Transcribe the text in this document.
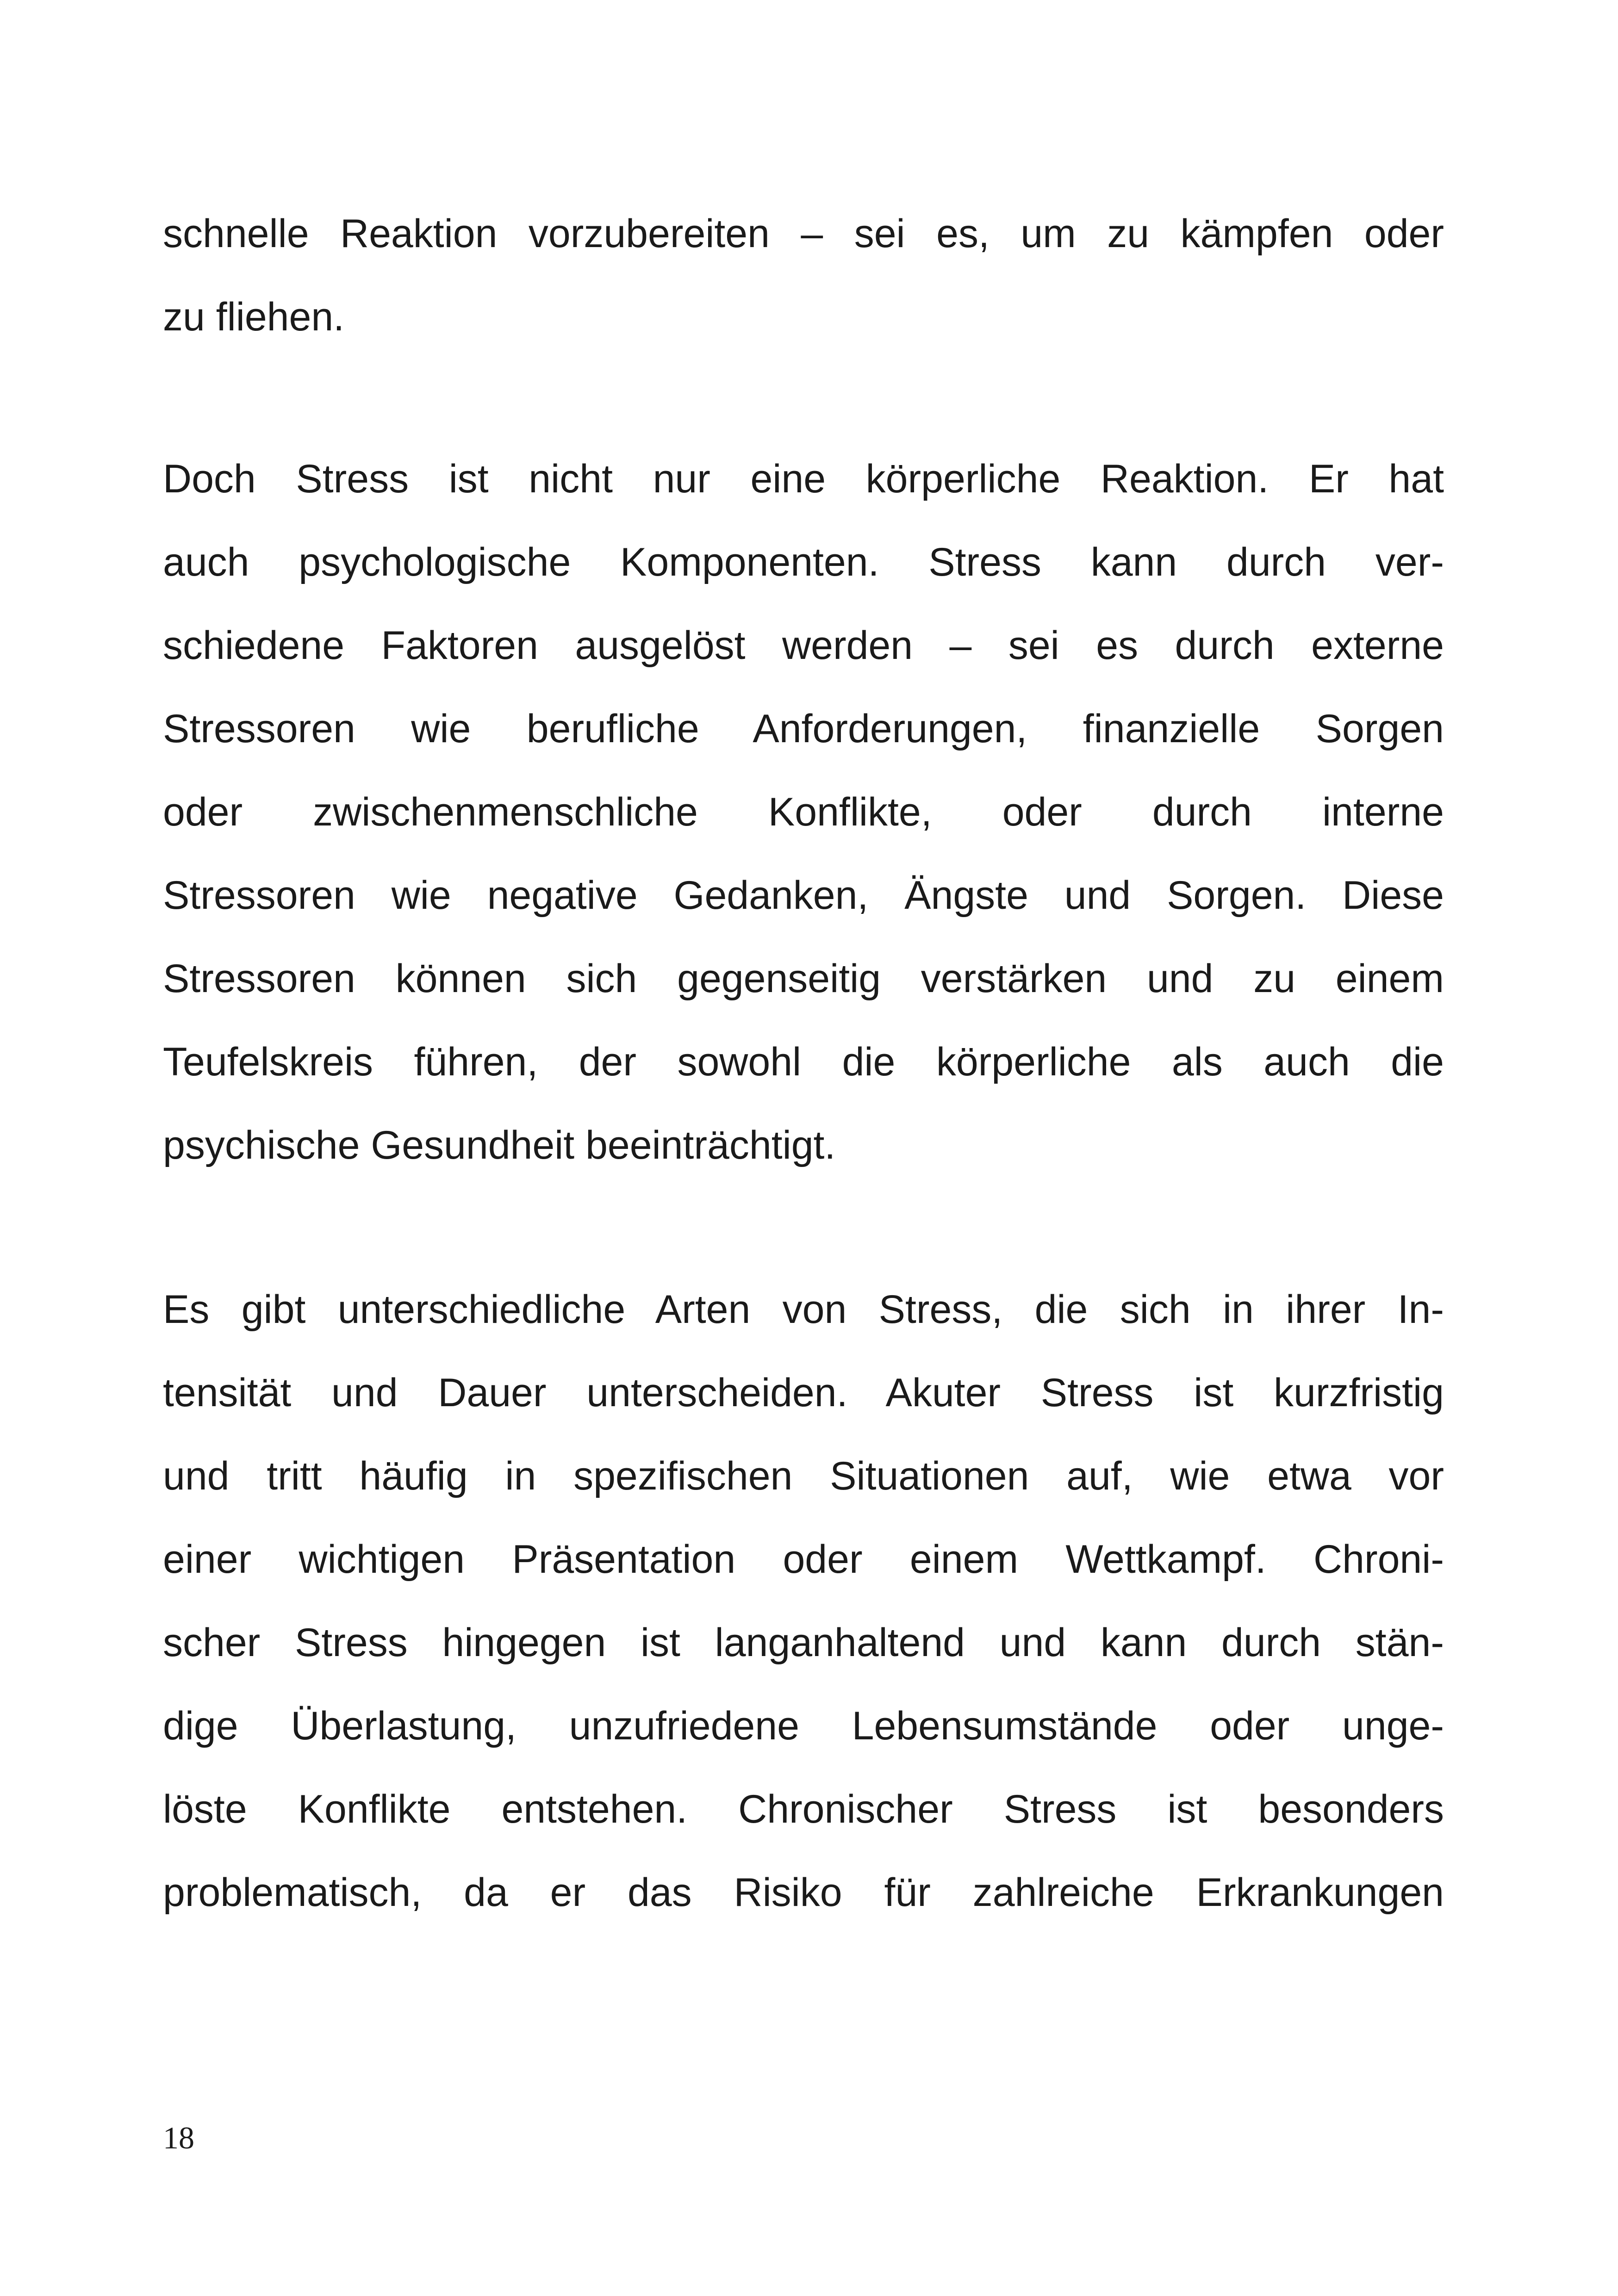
schnelle Reaktion vorzubereiten – sei es, um zu kämpfen oder
zu fliehen.
Doch Stress ist nicht nur eine körperliche Reaktion. Er hat
auch psychologische Komponenten. Stress kann durch ver-
schiedene Faktoren ausgelöst werden – sei es durch externe
Stressoren wie berufliche Anforderungen, finanzielle Sorgen
oder zwischenmenschliche Konflikte, oder durch interne
Stressoren wie negative Gedanken, Ängste und Sorgen. Diese
Stressoren können sich gegenseitig verstärken und zu einem
Teufelskreis führen, der sowohl die körperliche als auch die
psychische Gesundheit beeinträchtigt.
Es gibt unterschiedliche Arten von Stress, die sich in ihrer In-
tensität und Dauer unterscheiden. Akuter Stress ist kurzfristig
und tritt häufig in spezifischen Situationen auf, wie etwa vor
einer wichtigen Präsentation oder einem Wettkampf. Chroni-
scher Stress hingegen ist langanhaltend und kann durch stän-
dige Überlastung, unzufriedene Lebensumstände oder unge-
löste Konflikte entstehen. Chronischer Stress ist besonders
problematisch, da er das Risiko für zahlreiche Erkrankungen
18
